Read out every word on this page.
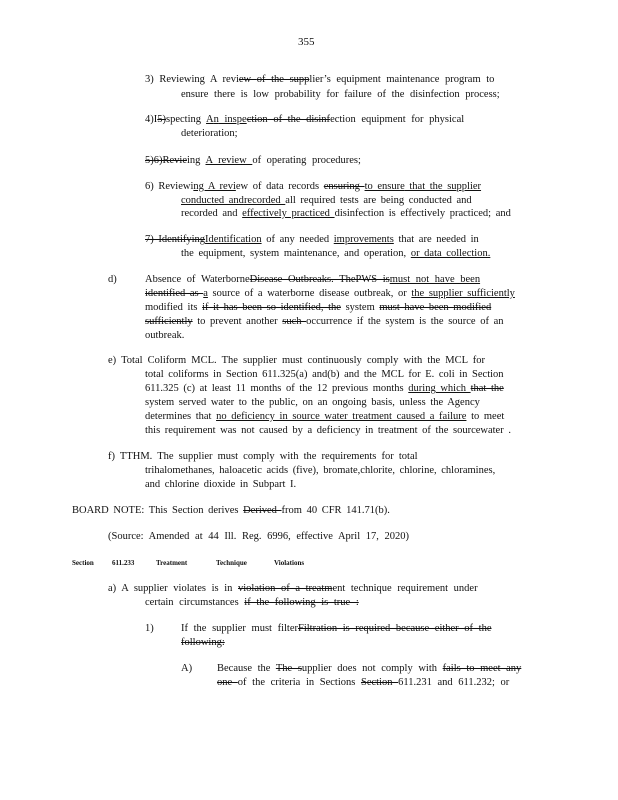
355
3) Reviewing A review of the supplier’s equipment maintenance program to
ensure there is low probability for failure of the disinfection process;
4)I5)specting An inspection of the disinfection equipment for physical
deterioration;
5)6)Revieing A review of operating procedures;
6) Reviewing A review of data records ensuring to ensure that the supplier
conducted andrecorded all required tests are being conducted and
recorded and effectively practiced disinfection is effectively practiced; and
7) IdentifyingIdentification of any needed improvements that are needed in
the equipment, system maintenance, and operation, or data collection.
d)	Absence of WaterborneDisease Outbreaks. ThePWS ismust not have been
identified as a source of a waterborne disease outbreak, or the supplier sufficiently
modified its if it has been so identified, the system must have been modified
sufficiently to prevent another such occurrence if the system is the source of an
outbreak.
e) Total Coliform MCL. The supplier must continuously comply with the MCL for
total coliforms in Section 611.325(a) and(b) and the MCL for E. coli in Section
611.325 (c) at least 11 months of the 12 previous months during which that the
system served water to the public, on an ongoing basis, unless the Agency
determines that no deficiency in source water treatment caused a failure to meet
this requirement was not caused by a deficiency in treatment of the sourcewater .
f) TTHM. The supplier must comply with the requirements for total
trihalomethanes, haloacetic acids (five), bromate,chlorite, chlorine, chloramines,
and chlorine dioxide in Subpart I.
BOARD NOTE: This Section derives Derived from 40 CFR 141.71(b).
(Source: Amended at 44 Ill. Reg. 6996, effective April 17, 2020)
Section	611.233	Treatment	Technique	Violations
a) A supplier violates is in violation of a treatment technique requirement under
certain circumstances if the following is true :
1)	If the supplier must filterFiltration is required because either of the
following:
A) Because the The supplier does not comply with fails to meet any
one of the criteria in Sections Section 611.231 and 611.232; or
